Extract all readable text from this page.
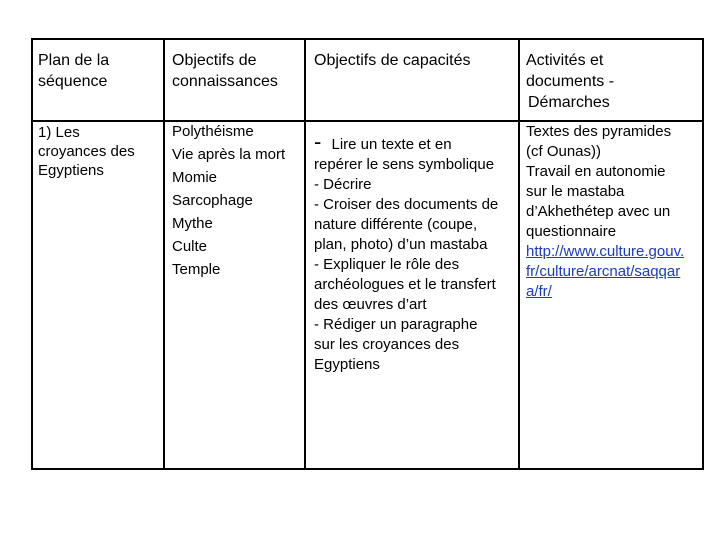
Plan de la
séquence
Objectifs de
connaissances
Objectifs de capacités	Activités et
documents -
Démarches
1) Les
croyances des
Egyptiens
Polythéisme
Vie après la mort
Momie
Sarcophage
Mythe
Culte
Temple
- Lire un texte et en
repérer le sens symbolique
- Décrire
- Croiser des documents de
nature différente (coupe,
plan, photo) d’un mastaba
- Expliquer le rôle des
archéologues et le transfert
des œuvres d’art
- Rédiger un paragraphe
sur les croyances des
Egyptiens
Textes des pyramides
(cf Ounas))
Travail en autonomie
sur le mastaba
d’Akhethétep avec un
questionnaire
http://www.culture.gouv.
fr/culture/arcnat/saqqar
a/fr/
